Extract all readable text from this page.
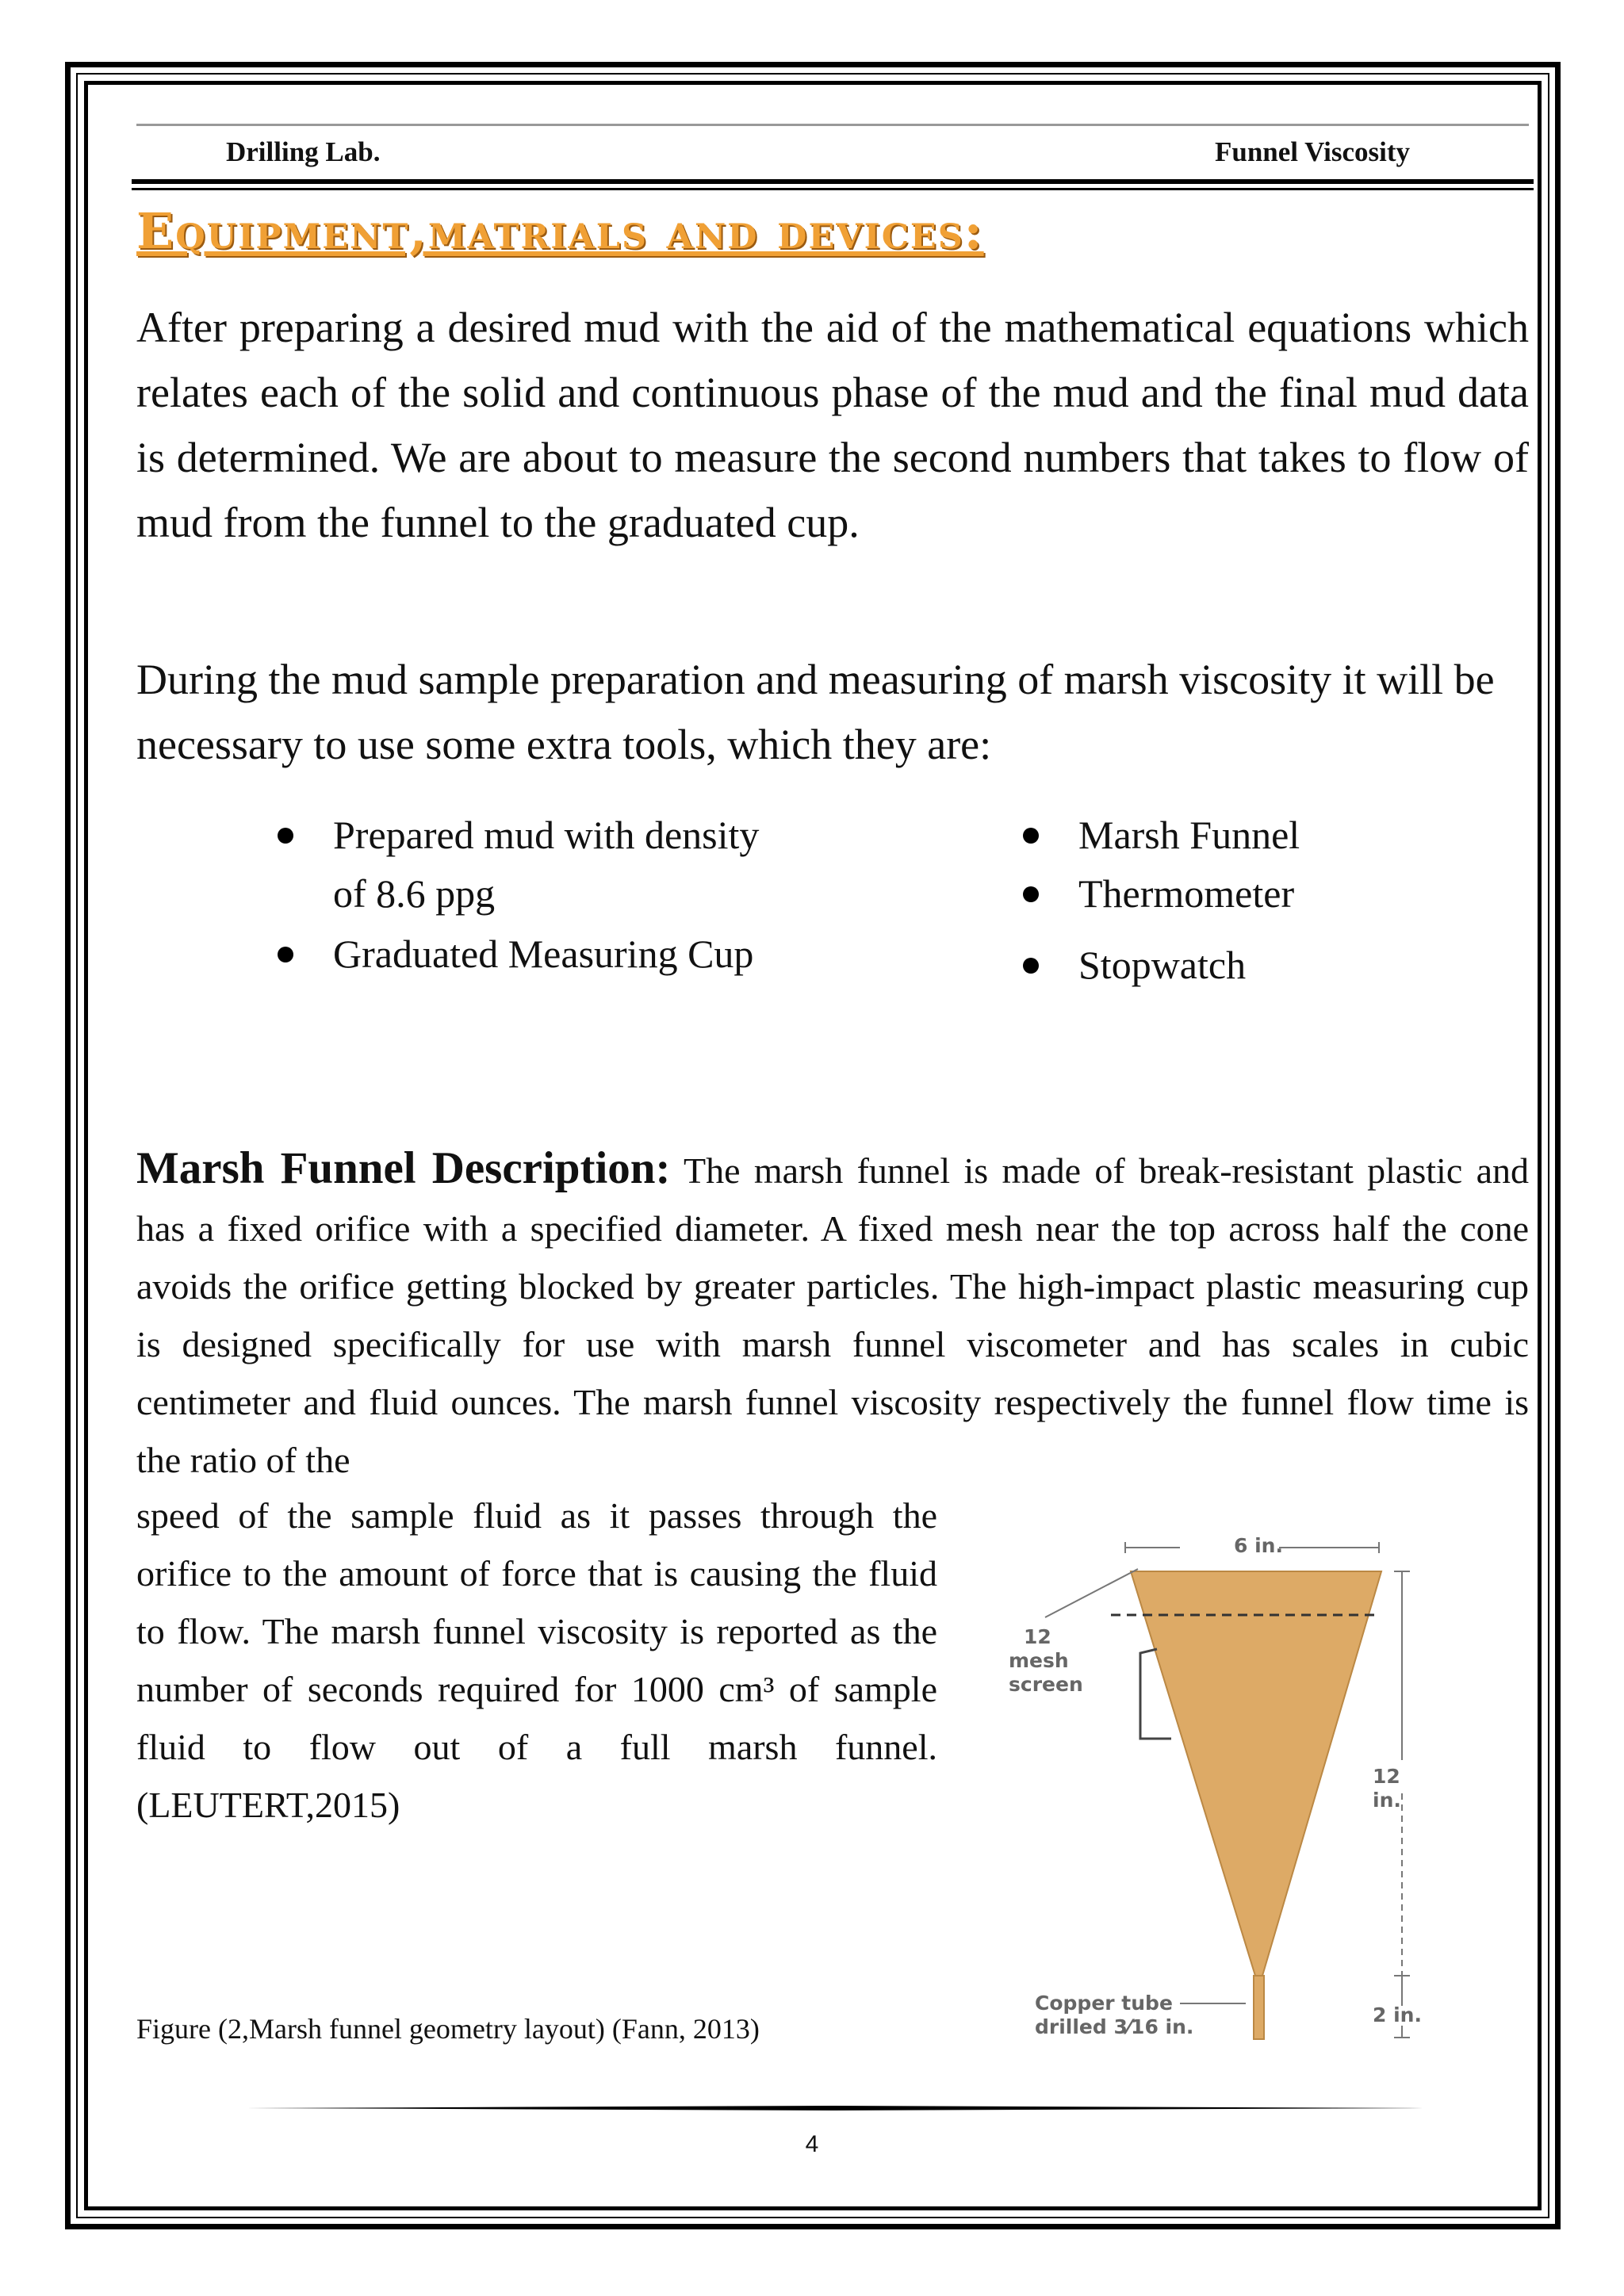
Drilling Lab.	Funnel Viscosity
Equipment,matrials and devices:

After preparing a desired mud with the aid of the mathematical equations which relates each of the solid and continuous phase of the mud and the final mud data is determined. We are about to measure the second numbers that takes to flow of mud from the funnel to the graduated cup.

During the mud sample preparation and measuring of marsh viscosity it will be necessary to use some extra tools, which they are:

Prepared mud with density of 8.6 ppg
Graduated Measuring Cup
Marsh Funnel
Thermometer
Stopwatch

Marsh Funnel Description: The marsh funnel is made of break-resistant plastic and has a fixed orifice with a specified diameter. A fixed mesh near the top across half the cone avoids the orifice getting blocked by greater particles. The high-impact plastic measuring cup is designed specifically for use with marsh funnel viscometer and has scales in cubic centimeter and fluid ounces. The marsh funnel viscosity respectively the funnel flow time is the ratio of the

speed of the sample fluid as it passes through the orifice to the amount of force that is causing the fluid to flow. The marsh funnel viscosity is reported as the number of seconds required for 1000 cm³ of sample fluid to flow out of a full marsh funnel.(LEUTERT,2015)

Figure (2,Marsh funnel geometry layout) (Fann, 2013)
6 in.
12
mesh
screen
12 in.
2 in.
Copper tube
drilled 3⁄16 in.
4
